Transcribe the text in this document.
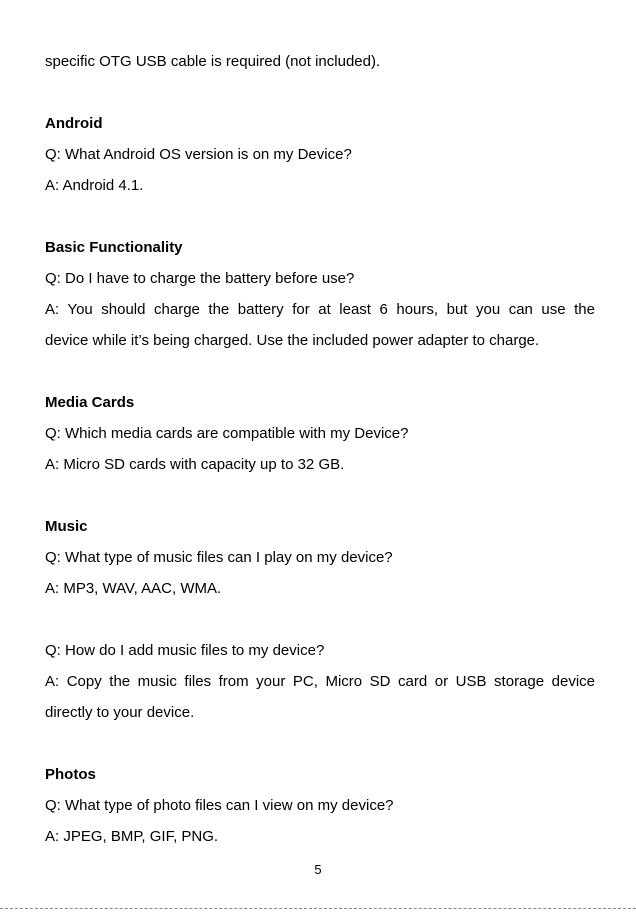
specific OTG USB cable is required (not included).
Android
Q: What Android OS version is on my Device?
A: Android 4.1.
Basic Functionality
Q: Do I have to charge the battery before use?
A: You should charge the battery for at least 6 hours, but you can use the
device while it’s being charged. Use the included power adapter to charge.
Media Cards
Q: Which media cards are compatible with my Device?
A: Micro SD cards with capacity up to 32 GB.
Music
Q: What type of music files can I play on my device?
A: MP3, WAV, AAC, WMA.
Q: How do I add music files to my device?
A: Copy the music files from your PC, Micro SD card or USB storage device
directly to your device.
Photos
Q: What type of photo files can I view on my device?
A: JPEG, BMP, GIF, PNG.
5
